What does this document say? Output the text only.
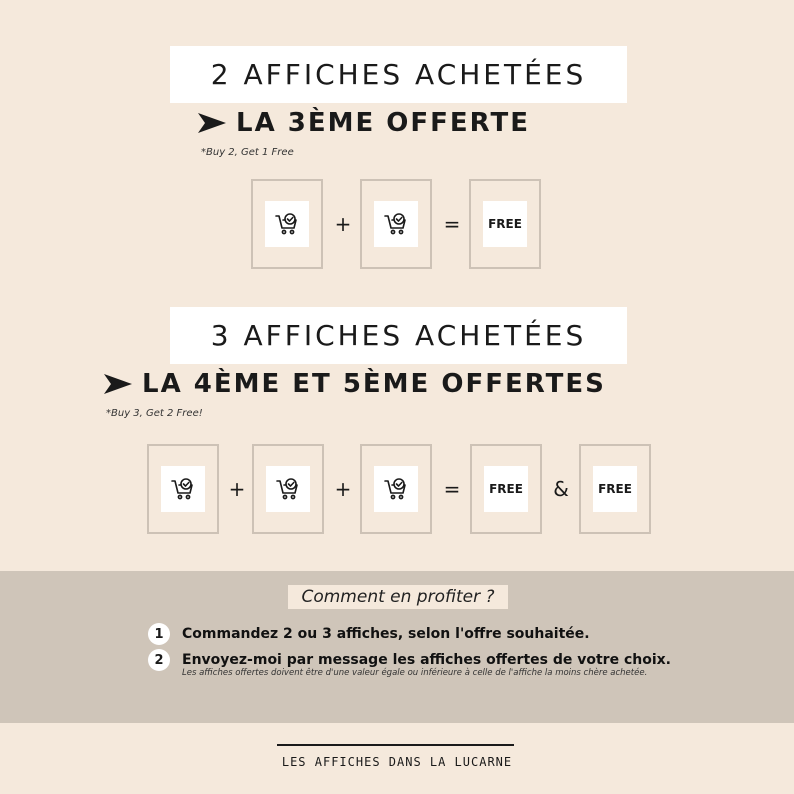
2 AFFICHES ACHETÉES
LA 3ÈME OFFERTE
*Buy 2, Get 1 Free
+	=	FREE
3 AFFICHES ACHETÉES
LA 4ÈME ET 5ÈME OFFERTES
*Buy 3, Get 2 Free!
+	+	=	FREE &	FREE
Comment en profiter ?
1	Commandez 2 ou 3 affiches, selon l'offre souhaitée.
2	Envoyez-moi par message les affiches offertes de votre choix.
Les affiches offertes doivent être d'une valeur égale ou inférieure à celle de l'affiche la moins chère achetée.
LES AFFICHES DANS LA LUCARNE
